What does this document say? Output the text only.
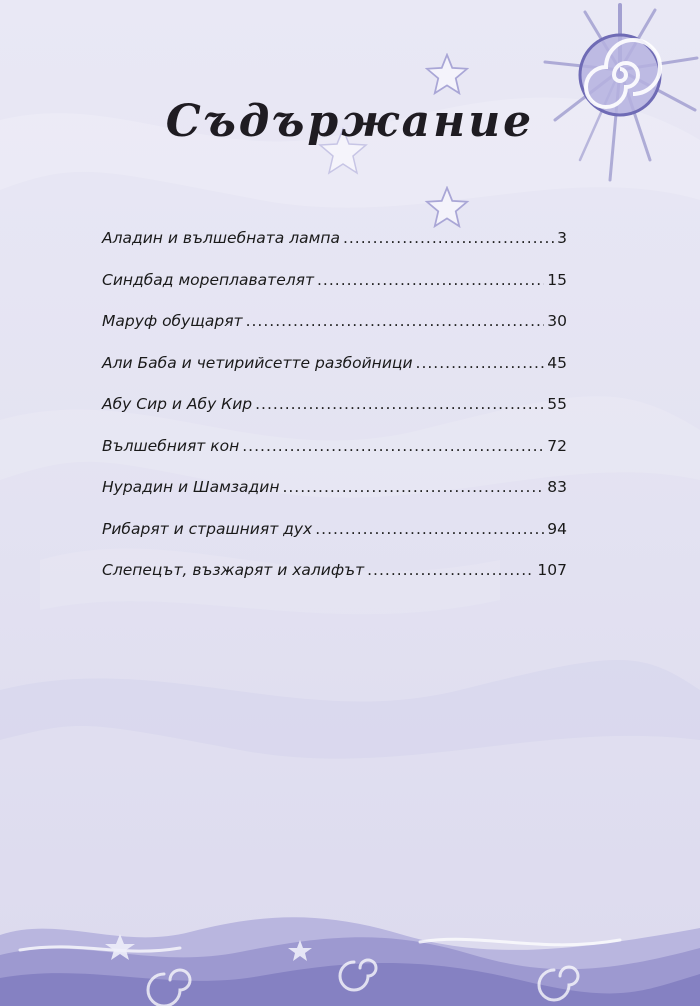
Съдържание
Аладин и вълшебната лампа .....	3
Синдбад мореплавателят .....	15
Маруф обущарят .....	30
Али Баба и четирийсетте разбойници .....	45
Абу Сир и Абу Кир .....	55
Вълшебният кон .....	72
Нурадин и Шамзадин .....	83
Рибарят и страшният дух .....	94
Слепецът, възжарят и халифът .....	107
